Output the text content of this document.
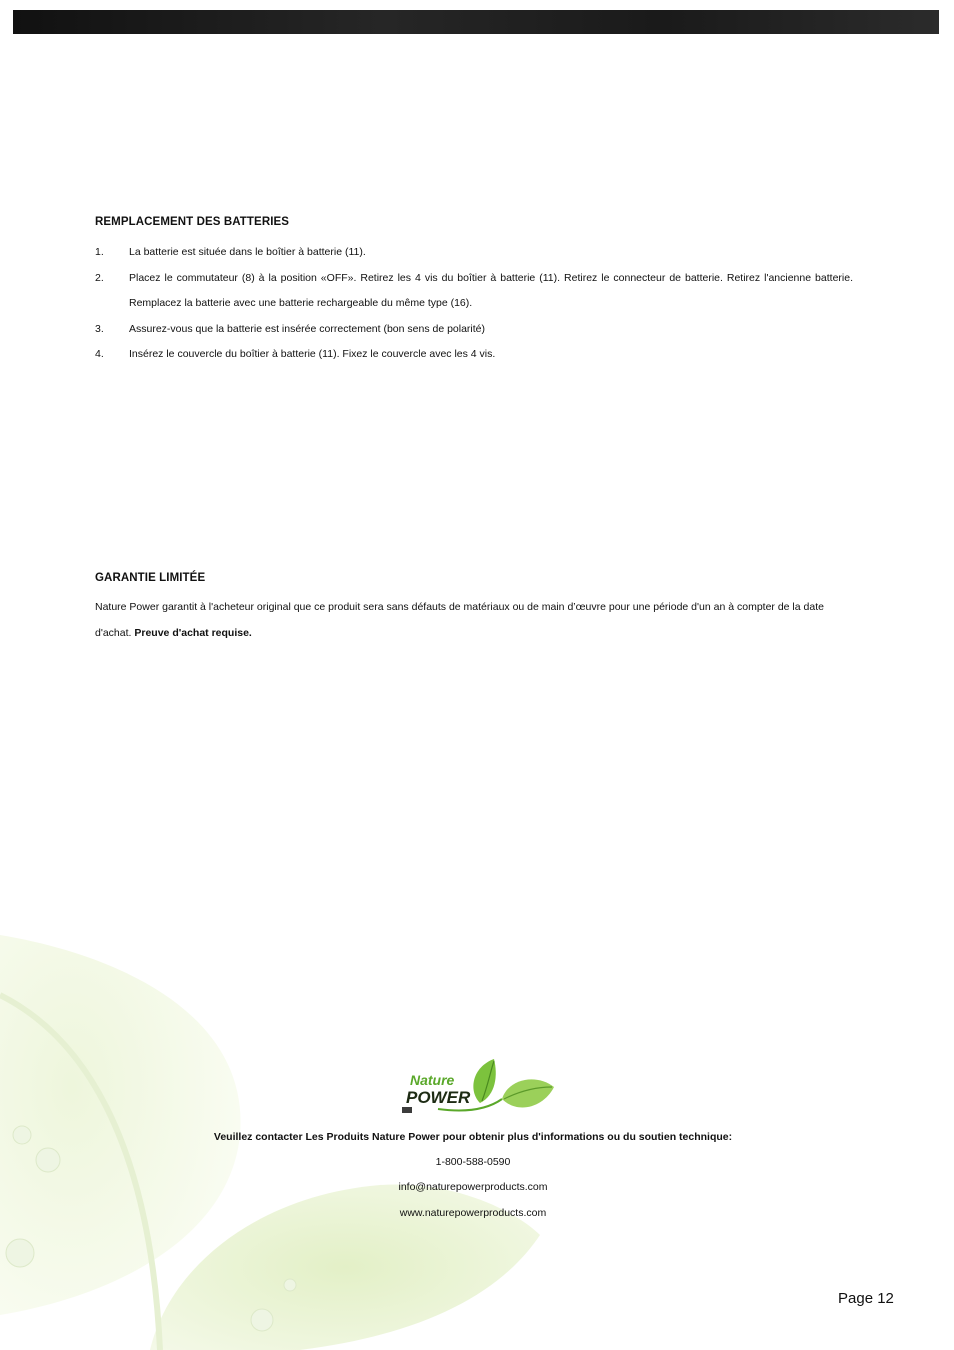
REMPLACEMENT DES BATTERIES
1. La batterie est située dans le boîtier à batterie (11).
2. Placez le commutateur (8) à la position «OFF». Retirez les 4 vis du boîtier à batterie (11). Retirez le connecteur de batterie. Retirez l'ancienne batterie. Remplacez la batterie avec une batterie rechargeable du même type (16).
3. Assurez-vous que la batterie est insérée correctement (bon sens de polarité)
4. Insérez le couvercle du boîtier à batterie (11). Fixez le couvercle avec les 4 vis.
GARANTIE LIMITÉE
Nature Power garantit à l'acheteur original que ce produit sera sans défauts de matériaux ou de main d’œuvre pour une période d'un an à compter de la date d'achat. Preuve d'achat requise.
Nature
POWER
Veuillez contacter Les Produits Nature Power pour obtenir plus d'informations ou du soutien technique:
1-800-588-0590
info@naturepowerproducts.com
www.naturepowerproducts.com
Page 12
